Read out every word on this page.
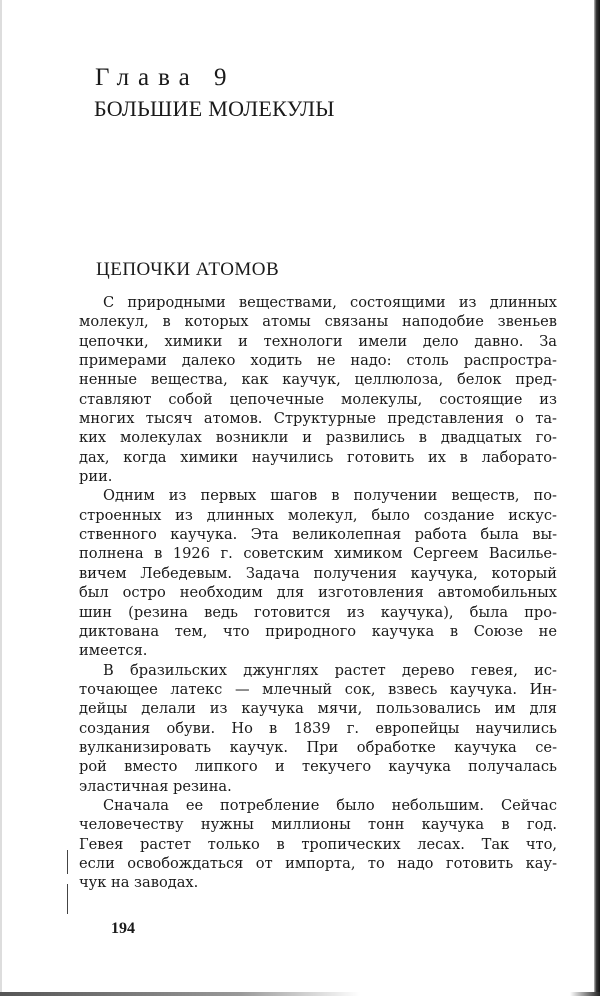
Глава 9
БОЛЬШИЕ МОЛЕКУЛЫ
ЦЕПОЧКИ АТОМОВ
С природными веществами, состоящими из длинных
молекул, в которых атомы связаны наподобие звеньев
цепочки, химики и технологи имели дело давно. За
примерами далеко ходить не надо: столь распростра-
ненные вещества, как каучук, целлюлоза, белок пред-
ставляют собой цепочечные молекулы, состоящие из
многих тысяч атомов. Структурные представления о та-
ких молекулах возникли и развились в двадцатых го-
дах, когда химики научились готовить их в лаборато-
рии.
Одним из первых шагов в получении веществ, по-
строенных из длинных молекул, было создание искус-
ственного каучука. Эта великолепная работа была вы-
полнена в 1926 г. советским химиком Сергеем Василье-
вичем Лебедевым. Задача получения каучука, который
был остро необходим для изготовления автомобильных
шин (резина ведь готовится из каучука), была про-
диктована тем, что природного каучука в Союзе не
имеется.
В бразильских джунглях растет дерево гевея, ис-
точающее латекс — млечный сок, взвесь каучука. Ин-
дейцы делали из каучука мячи, пользовались им для
создания обуви. Но в 1839 г. европейцы научились
вулканизировать каучук. При обработке каучука се-
рой вместо липкого и текучего каучука получалась
эластичная резина.
Сначала ее потребление было небольшим. Сейчас
человечеству нужны миллионы тонн каучука в год.
Гевея растет только в тропических лесах. Так что,
если освобождаться от импорта, то надо готовить кау-
чук на заводах.
194
